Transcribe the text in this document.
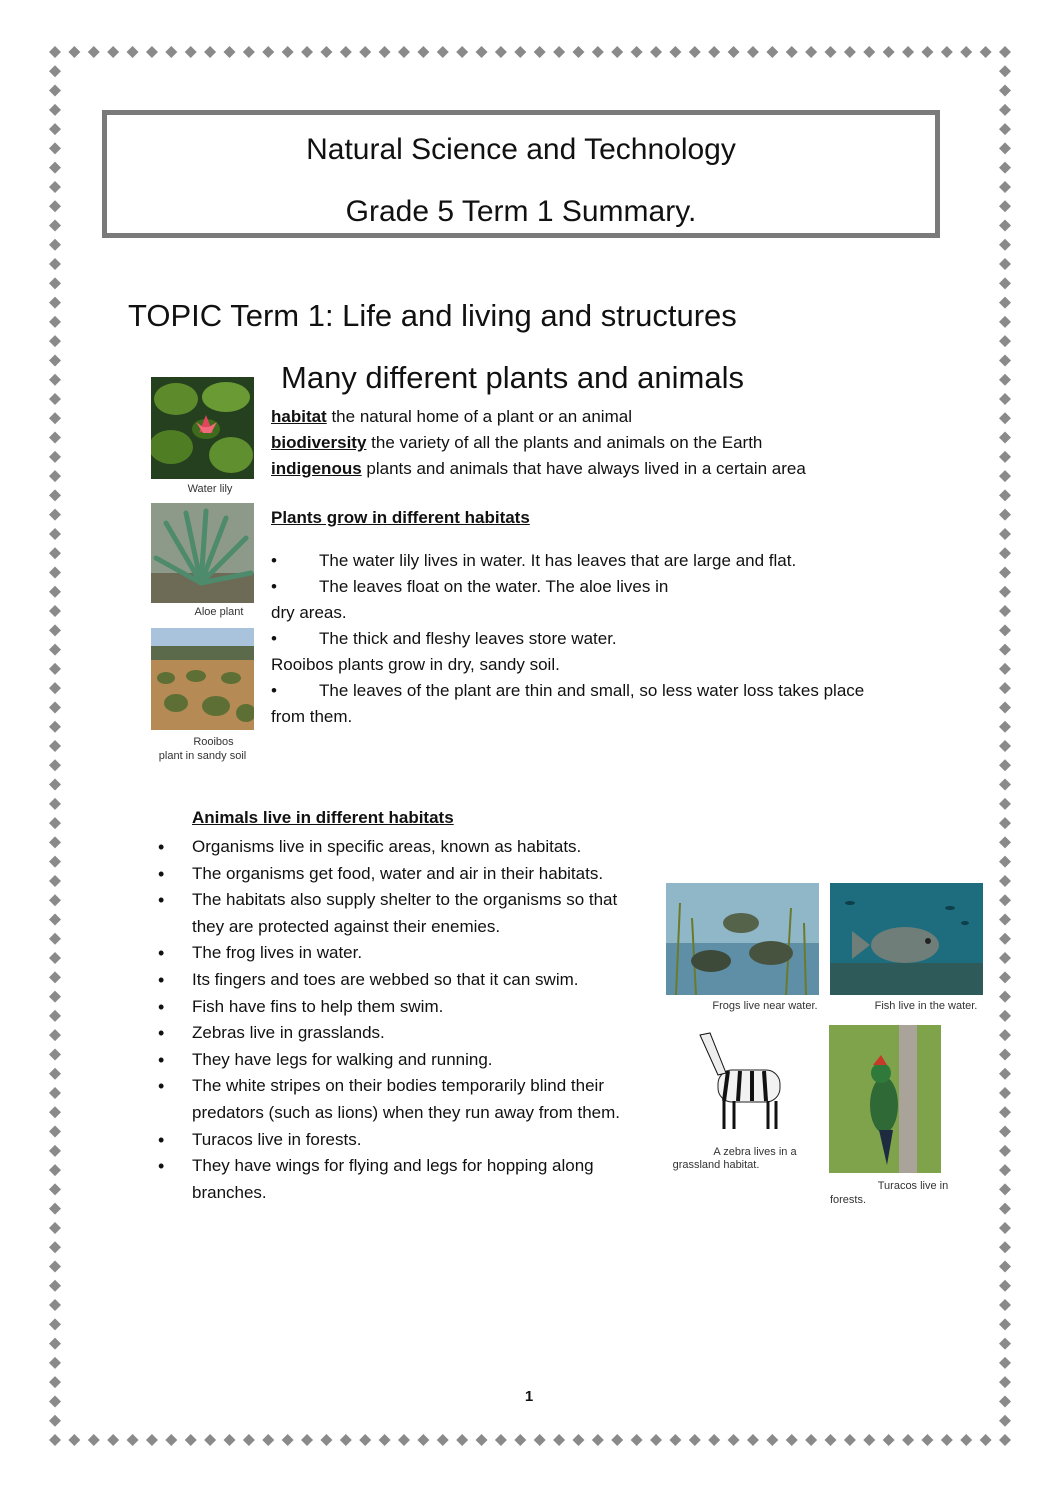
Natural Science and Technology
Grade 5 Term 1 Summary.
TOPIC Term 1: Life and living and structures
Many different plants and animals
habitat the natural home of a plant or an animal
biodiversity the variety of all the plants and animals on the Earth
indigenous plants and animals that have always lived in a certain area
Water lily
Aloe plant
Rooibos
plant in sandy soil
Plants grow in different habitats
• The water lily lives in water. It has leaves that are large and flat.
• The leaves float on the water. The aloe lives in
dry areas.
• The thick and fleshy leaves store water.
Rooibos plants grow in dry, sandy soil.
• The leaves of the plant are thin and small, so less water loss takes place
from them.
Animals live in different habitats
• Organisms live in specific areas, known as habitats.
• The organisms get food, water and air in their habitats.
• The habitats also supply shelter to the organisms so that they are protected against their enemies.
• The frog lives in water.
• Its fingers and toes are webbed so that it can swim.
• Fish have fins to help them swim.
• Zebras live in grasslands.
• They have legs for walking and running.
• The white stripes on their bodies temporarily blind their predators (such as lions) when they run away from them.
• Turacos live in forests.
• They have wings for flying and legs for hopping along branches.
Frogs live near water.	Fish live in the water.
A zebra lives in a
grassland habitat.
Turacos live in
forests.
1
